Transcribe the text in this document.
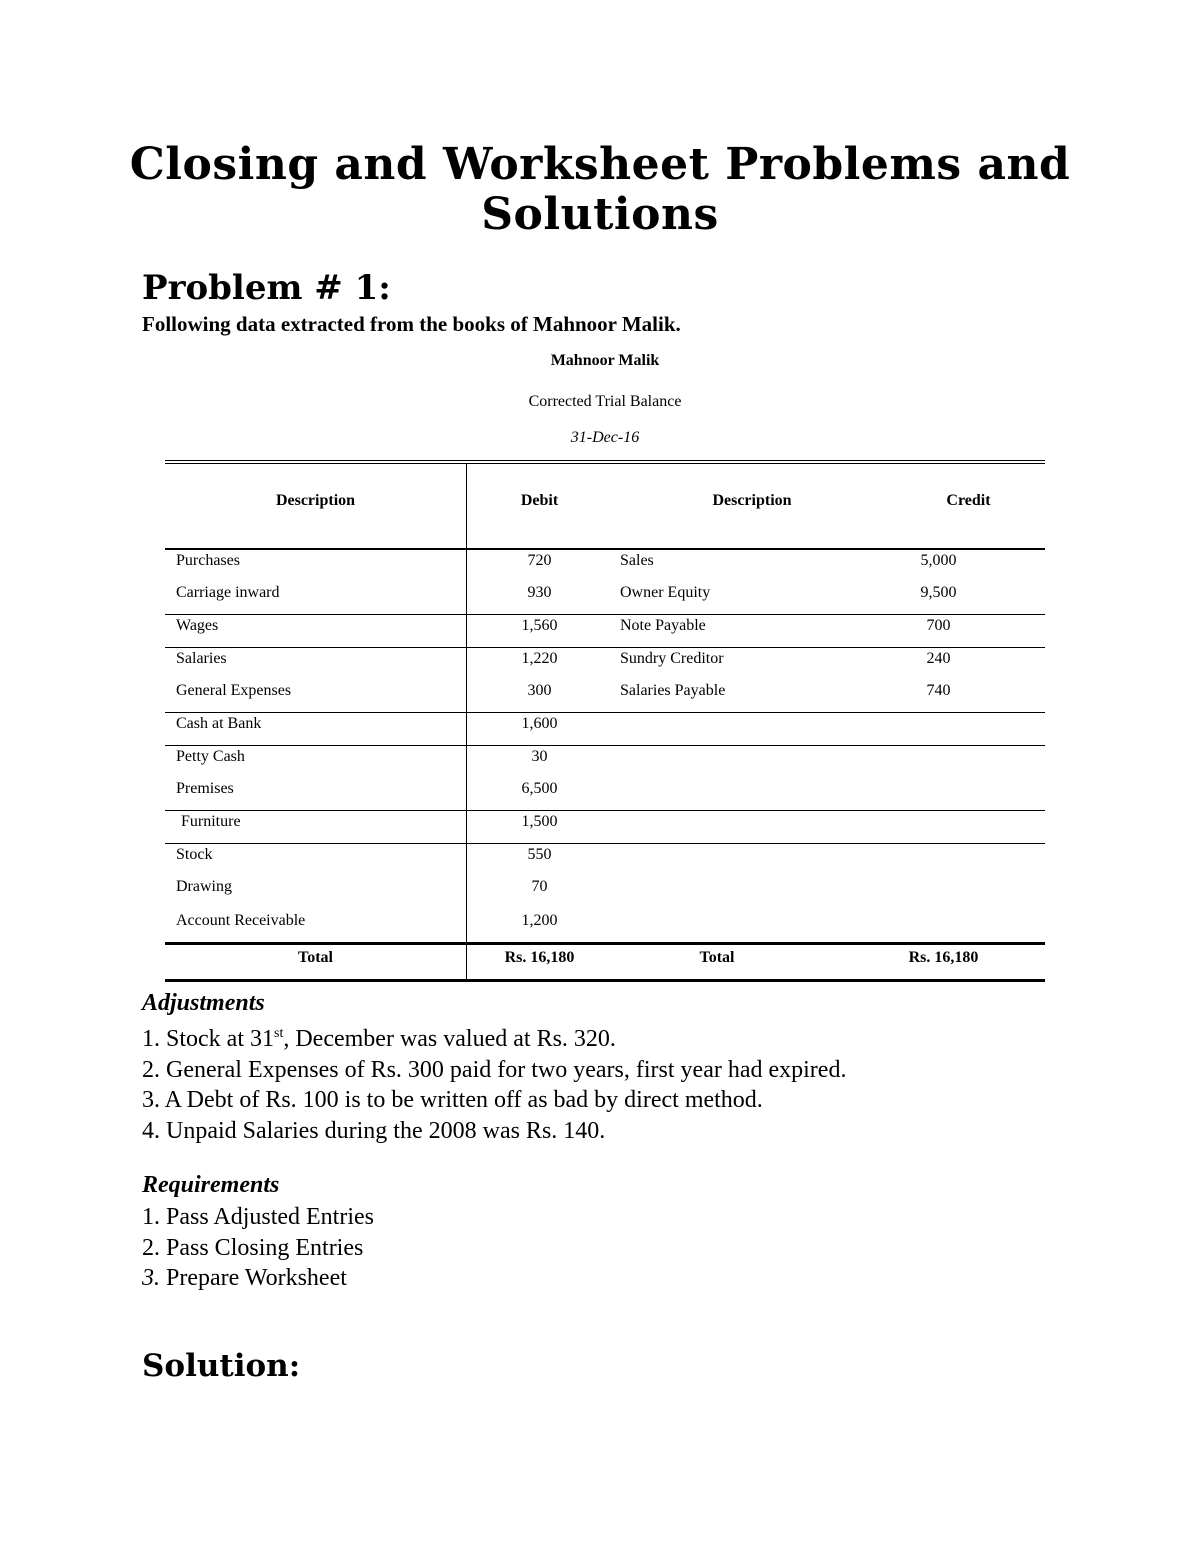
Closing and Worksheet Problems and
Solutions
Problem # 1:
Following data extracted from the books of Mahnoor Malik.
Mahnoor Malik
Corrected Trial Balance
31-Dec-16
Description	Debit	Description	Credit
Purchases	720	Sales	5,000
Carriage inward	930	Owner Equity	9,500
Wages	1,560	Note Payable	700
Salaries	1,220	Sundry Creditor	240
General Expenses	300	Salaries Payable	740
Cash at Bank	1,600
Petty Cash	30
Premises	6,500
Furniture	1,500
Stock	550
Drawing	70
Account Receivable	1,200
Total	Rs. 16,180	Total	Rs. 16,180
Adjustments
1. Stock at 31st, December was valued at Rs. 320.
2. General Expenses of Rs. 300 paid for two years, first year had expired.
3. A Debt of Rs. 100 is to be written off as bad by direct method.
4. Unpaid Salaries during the 2008 was Rs. 140.
Requirements
1. Pass Adjusted Entries
2. Pass Closing Entries
3. Prepare Worksheet
Solution:
